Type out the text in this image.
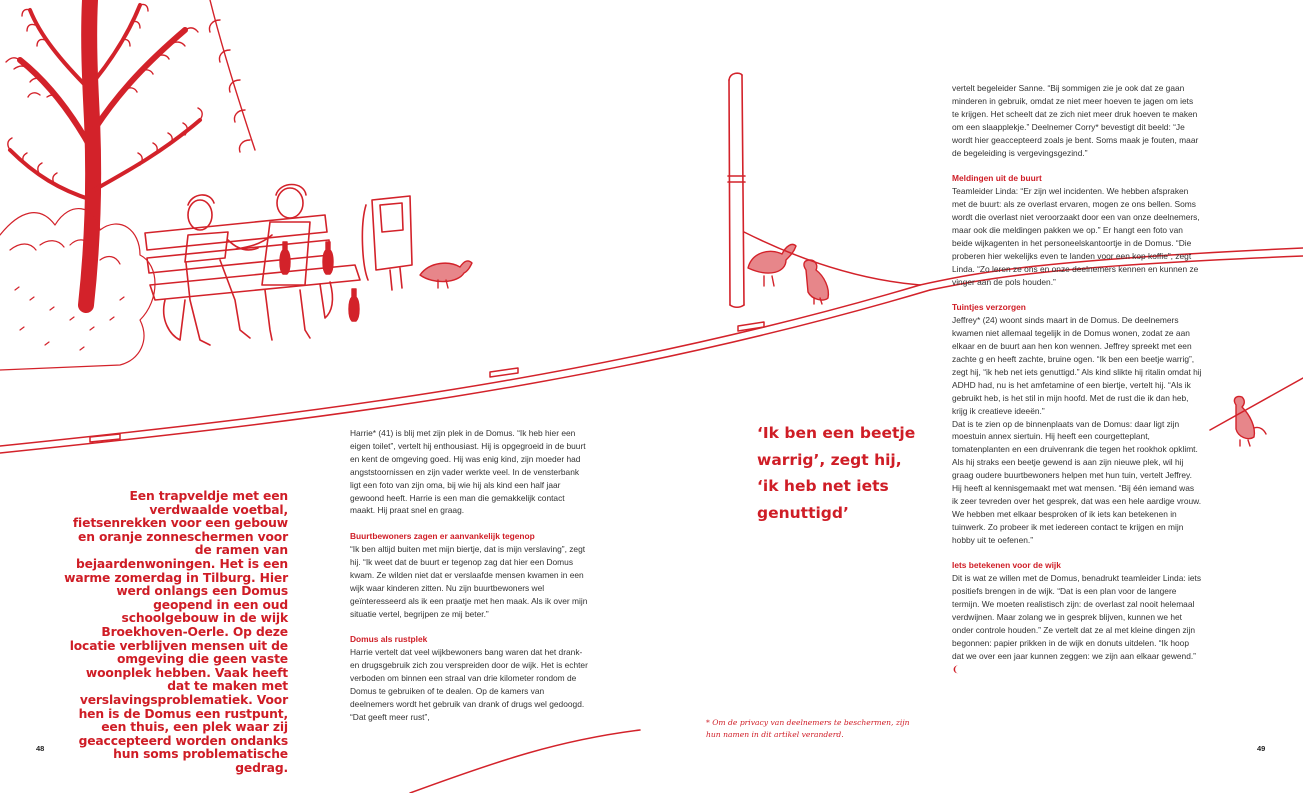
Een trapveldje met een verdwaalde voetbal, fietsenrekken voor een gebouw en oranje zonneschermen voor de ramen van bejaardenwoningen. Het is een warme zomerdag in Tilburg. Hier werd onlangs een Domus geopend in een oud schoolgebouw in de wijk Broekhoven-Oerle. Op deze locatie verblijven mensen uit de omgeving die geen vaste woonplek hebben. Vaak heeft dat te maken met verslavingsproblematiek. Voor hen is de Domus een rustpunt, een thuis, een plek waar zij geaccepteerd worden ondanks hun soms problematische gedrag.

Harrie* (41) is blij met zijn plek in de Domus. “Ik heb hier een eigen toilet”, vertelt hij enthousiast. Hij is opgegroeid in de buurt en kent de omgeving goed. Hij was enig kind, zijn moeder had angststoornissen en zijn vader werkte veel. In de vensterbank ligt een foto van zijn oma, bij wie hij als kind een half jaar gewoond heeft. Harrie is een man die gemakkelijk contact maakt. Hij praat snel en graag.

Buurtbewoners zagen er aanvankelijk tegenop

“Ik ben altijd buiten met mijn biertje, dat is mijn verslaving”, zegt hij. “Ik weet dat de buurt er tegenop zag dat hier een Domus kwam. Ze wilden niet dat er verslaafde mensen kwamen in een wijk waar kinderen zitten. Nu zijn buurtbewoners wel geïnteresseerd als ik een praatje met hen maak. Als ik over mijn situatie vertel, begrijpen ze mij beter.”

Domus als rustplek

Harrie vertelt dat veel wijkbewoners bang waren dat het drank- en drugsgebruik zich zou verspreiden door de wijk. Het is echter verboden om binnen een straal van drie kilometer rondom de Domus te gebruiken of te dealen. Op de kamers van deelnemers wordt het gebruik van drank of drugs wel gedoogd. “Dat geeft meer rust”,

‘Ik ben een beetje warrig’, zegt hij, ‘ik heb net iets genuttigd’
* Om de privacy van deelnemers te beschermen, zijn hun namen in dit artikel veranderd.

vertelt begeleider Sanne. “Bij sommigen zie je ook dat ze gaan minderen in gebruik, omdat ze niet meer hoeven te jagen om iets te krijgen. Het scheelt dat ze zich niet meer druk hoeven te maken om een slaapplekje.” Deelnemer Corry* bevestigt dit beeld: “Je wordt hier geaccepteerd zoals je bent. Soms maak je fouten, maar de begeleiding is vergevingsgezind.”

Meldingen uit de buurt

Teamleider Linda: “Er zijn wel incidenten. We hebben afspraken met de buurt: als ze overlast ervaren, mogen ze ons bellen. Soms wordt die overlast niet veroorzaakt door een van onze deelnemers, maar ook die meldingen pakken we op.” Er hangt een foto van beide wijkagenten in het personeelskantoortje in de Domus. “Die proberen hier wekelijks even te landen voor een kop koffie”, zegt Linda. “Zo leren ze ons en onze deelnemers kennen en kunnen ze vinger aan de pols houden.”

Tuintjes verzorgen

Jeffrey* (24) woont sinds maart in de Domus. De deelnemers kwamen niet allemaal tegelijk in de Domus wonen, zodat ze aan elkaar en de buurt aan hen kon wennen. Jeffrey spreekt met een zachte g en heeft zachte, bruine ogen. “Ik ben een beetje warrig”, zegt hij, “ik heb net iets genuttigd.” Als kind slikte hij ritalin omdat hij ADHD had, nu is het amfetamine of een biertje, vertelt hij. “Als ik gebruikt heb, is het stil in mijn hoofd. Met de rust die ik dan heb, krijg ik creatieve ideeën.”

Dat is te zien op de binnenplaats van de Domus: daar ligt zijn moestuin annex siertuin. Hij heeft een courgetteplant, tomatenplanten en een druivenrank die tegen het rookhok opklimt. Als hij straks een beetje gewend is aan zijn nieuwe plek, wil hij graag oudere buurtbewoners helpen met hun tuin, vertelt Jeffrey. Hij heeft al kennisgemaakt met wat mensen. “Bij één iemand was ik zeer tevreden over het gesprek, dat was een hele aardige vrouw. We hebben met elkaar besproken of ik iets kan betekenen in tuinwerk. Zo probeer ik met iedereen contact te krijgen en mijn hobby uit te oefenen.”

Iets betekenen voor de wijk

Dit is wat ze willen met de Domus, benadrukt teamleider Linda: iets positiefs brengen in de wijk. “Dat is een plan voor de langere termijn. We moeten realistisch zijn: de overlast zal nooit helemaal verdwijnen. Maar zolang we in gesprek blijven, kunnen we het onder controle houden.” Ze vertelt dat ze al met kleine dingen zijn begonnen: papier prikken in de wijk en donuts uitdelen. “Ik hoop dat we over een jaar kunnen zeggen: we zijn aan elkaar gewend.” ❨

48	49
